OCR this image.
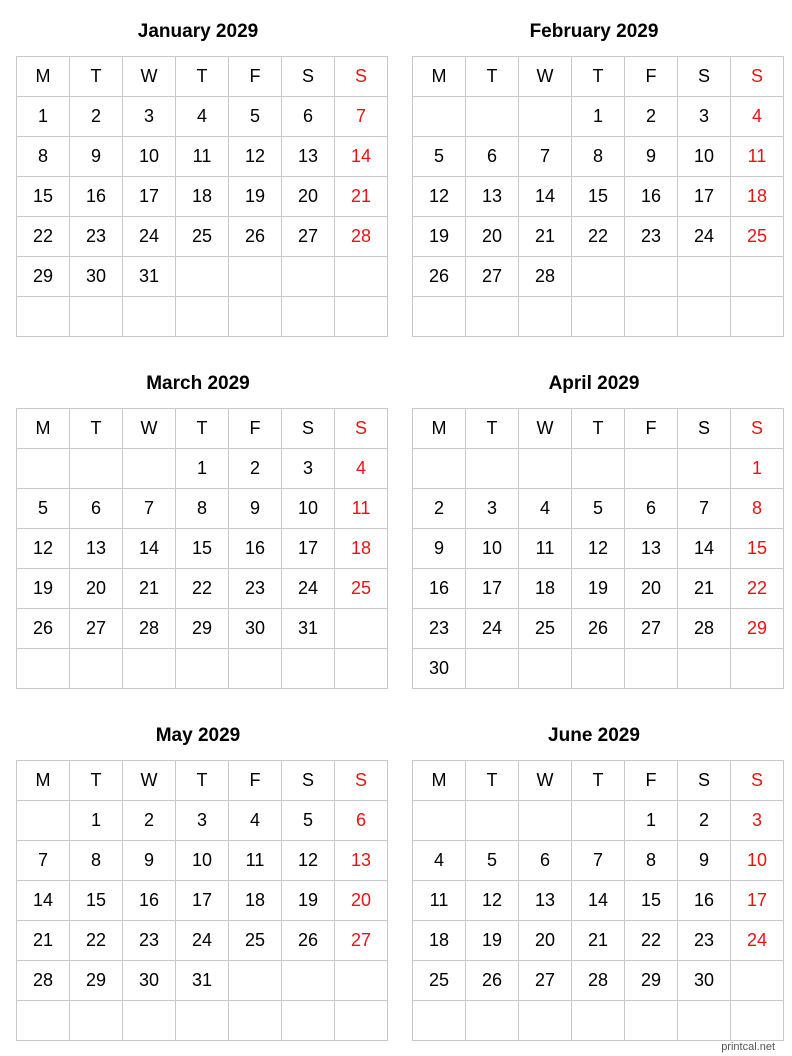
January 2029
M	T	W	T	F	S	S
1	2	3	4	5	6	7
8	9	10	11	12	13	14
15	16	17	18	19	20	21
22	23	24	25	26	27	28
29	30	31				

February 2029
M	T	W	T	F	S	S
			1	2	3	4
5	6	7	8	9	10	11
12	13	14	15	16	17	18
19	20	21	22	23	24	25
26	27	28				

March 2029
M	T	W	T	F	S	S
			1	2	3	4
5	6	7	8	9	10	11
12	13	14	15	16	17	18
19	20	21	22	23	24	25
26	27	28	29	30	31	

April 2029
M	T	W	T	F	S	S
						1
2	3	4	5	6	7	8
9	10	11	12	13	14	15
16	17	18	19	20	21	22
23	24	25	26	27	28	29
30						
May 2029
M	T	W	T	F	S	S
	1	2	3	4	5	6
7	8	9	10	11	12	13
14	15	16	17	18	19	20
21	22	23	24	25	26	27
28	29	30	31			

June 2029
M	T	W	T	F	S	S
				1	2	3
4	5	6	7	8	9	10
11	12	13	14	15	16	17
18	19	20	21	22	23	24
25	26	27	28	29	30	

printcal.net
